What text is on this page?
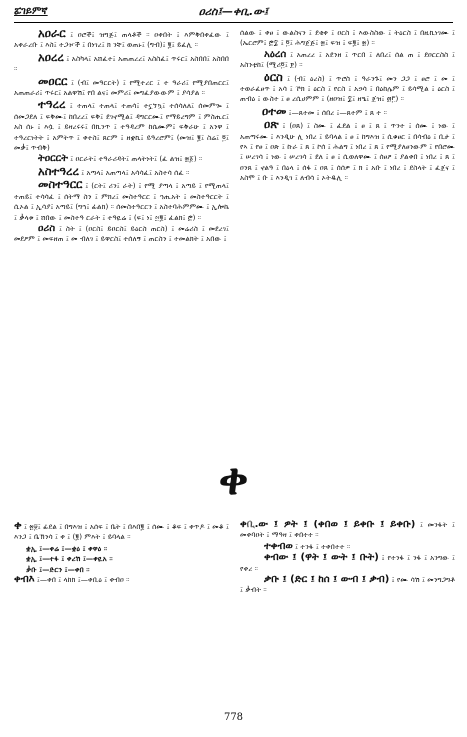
ፚገይምኛ	ዐሪስ፤—ቀቢ.ው፤
አዐራር ፤ ዐሮች፤ ዝግጅ፤ ጠላቶች ። ዐቀበት ፤ እምቅበቀፈው ፤ አቀራረቡ ፤ እስ፤ ተጋዦች ፤ በነገረ፤ ክ ንቸ፤ ወጠኑ፤ (ግብ)፤ ፪፤ ይፈሊ ።
አዐረረ ፤ አስካላ፤ አሸፈተ፤ አጠጠረረ፤ አስስፈ፤ ጥሩር፤ አስበበ፤ አስበበ ።
መዐርር ፤ (ብ፤ መዓርርት) ፤ የሚተረር ፤ ተ ዓራሪ፤ የሚያበጠርር፤ አጠጠራሪ፤ ጥሩር፤ አልዋሽ፤ የበ ልና፤ መምሪ፤ መግፈያውውም ፤ ያሳያል ።
ተዓረረ ፤ ተጠላ፤ ተጠላ፤ ተጠሳ፤ ተኗኘኳ፤ ተሰሳለለ፤ ሰመምጐ ፤ ሰመጋደለ ፤ ፍቅሙ፤ ከበረረ፤ ፍቅ፤ ደገኖሚል፤ ዳግርርሙ፤ የማይረግም ፤ ምስጢር፤ አስ ሰኑ ፤ እሷ ፤ ይዛረሩሩ፤ በኪንጥ ፤ ተዓዳረም ከሴሙም፤ ፍቅራሁ ፤ አንዋ ፤ ተዓረርነትት ፤ አምትጥ ፤ ቀተስ፤ ጸርም ፤ ዘቋኪ፤ ይዓረሮም፤ (መዝ፤ ፪፤ ስሬ፤ ፬፤ መቃ፤ ጥብቅ)
ትዐርርት ፤ ዐርራት፤ ተዓራሪዳት፤ ጠላትነት፤ (ፈ ልዝ፤ ፳፩) ።
አስተዓረረ ፤ አጣላ፤ አጠጣላ፤ አሳሳፈ፤ አስተሳ ሰፈ ።
መስተዓርር ፤ (ርት፤ ሪን፤ ራት) ፤ የሚ ያጣላ ፤ አጣይ ፤ የሚጠላ፤ ተጠይ፤ ተሳሳፈ ፤ ሰትማ ስን ፤ ምክረ፤ መስተዓርር ፤ ኀጢአት ፤ መስተዓርርት ፤ ሲኦል ፤ ኢሳያ፤ አጣይ፤ (ግኀ፤ ፊልክ) ። ሰመስተዓርርን ፤ አስተባሕምምሙ ፤ ኢሎኬ ፤ ቃላቱ ፤ ሸበው ፤ መስተዓ ርራት ፤ ተዓዪሬ ፤ (ፍ፤ ነ፤ ፵፪፤ ፈልክ፤ ፸) ።
ዐሪስ ፤ ስት ፤ (ዐርስ፤ ይዐርስ፤ ይዕርስ ጠርስ) ፤ መሬሪስ ፤ መደረገ፤ መደዖም ፤ መፍዘጠ ፤ መ ብለገ ፤ ይዋርስ፤ ተሰለኝ ፤ ጠርስን ፤ ተመልክት ፤ አበው ፤
ሰልው ፤ ቀፀ ፤ ውልስናን ፤ ደቂቀ ፤ ዐርስ ፤ እውስስው ፤ ትዕርስ ፤ በዚኪነገሙ ፤ (ኤርሮም፤ ፸፰ ፤ ፬፤ ሕግጀጅ፤ ፳፤ ፍዝ ፤ ፍ፪፤ ፳) ።
አዕረሰ ፤ አጠረረ ፤ አደንዘ ፤ ጥርበ ፤ ለበረ፤ ሰል ጠ ፤ ደዐርርስስ ፤ አስንቲከ፤ (ሚሪ፬፤ ፻) ።
ዕርስ ፤ (ብ፤ ዕረስ) ፤ ጥሮስ ፤ ዓራንጉ፤ መን ጋጋ ፤ ፀሮ ፤ መ ፤ ተወራፈፀጥ ፤ አሳ ፤ ኾክ ፤ ዕርስ ፤ የርስ ፤ አኃሳ ፤ በዕከሌም ፤ ይሳሚል ፤ ዕርስ ፤ ጠብዕ ፤ ውስተ ፤ ፀ ረሲሀምም ፤ (ዘዐዝ፤ ፰፤ ዘዔ፤ ጀዝ፤ ፴፫) ።
ዐተመ ፤—ጸተመ ፤ ሰበረ ፤—ጸተም ፤ ጸ ተ ።
ዐጽ ፤ (ዐጸ) ፤ ስሙ ፤ ፈደል ፤ ፀ ፤ ጸ ፤ ጥንተ ፤ ሰሙ ፤ ነው ፤ አጠጣሩሙ ፤ እንዲሁ ሊ ነበረ ፤ ይባላል ፤ ፀ ፤ ከግእዝ ፤ ሲቁፀር ፤ በሳብዕ ፤ ቢታ ፤ የኣ ፤ የፀ ፤ ዐጽ ፤ ኩራ ፤ ጸ ፤ ኮሰ ፤ ሕልግ ፤ ነበረ ፤ ጸ ፤ የሚያለፀንውም ፤ የበሮሙ ፤ ሠረገሳ ፤ ነው ፤ ሠረገሳ ፤ ደለ ፤ ፀ ፤ ሲወለዋሙ ፤ ሰፀዖ ፤ ያልቀበ ፤ ነበረ ፤ ጸ ፤ ዐንጸ ፤ ኖልዓ ፤ በዕላ ፤ ሰፋ ፤ ዐጸ ፤ ሰሰዎ ፤ ክ ፤ አቡ ፤ ነበረ ፤ ደስላት ፤ ፈጀና ፤ አስሞ ፤ ቡ ፤ እንዲገ ፤ ለብሳ ፤ ኦትዱሊ ።
ቀ
ቀ ፤ ፳፱፤ ፊደል ፤ በግእዝ ፤ አሰፍ ፤ ቤት ፤ በእበ፪ ፤ ሰሙ ፤ ቆፍ ፤ ቀጥዶ ፤ መቆ ፤ እንጋ ፤ ቤኽንሳ ፤ ቀ ፤ (፪) ምእት ፤ ይባላል ።
ቋኢ ፤—ቀሬ ፤—ቋዕ ፤ ቀዋዕ ።
ቋኢ ፤—ተፋ ፤ ቀረሽ ፤—ቀዪአ ።
ቃቡ ፤—ድርን ፤—ቀበ ።
ቀብእ ፤—ቀበ ፤ ላከክ ፤—ቀቢዕ ፤ ቀብዐ ።
ቀቢ.ው ፤ ዎት ፤ (ቀበወ ፤ ይቀቡ ፤ ይቀቡ) ፤ መንፋት ፤ መቀባዐት ፤ ማዓዛ ፤ ቀበተተ ።
ተቀብወ ፤ ተንፋ ፤ ተቀበተተ ።
ቀብው ፤ (ዋት ፤ ውት ፤ ቡት) ፤ የተንፋ ፤ ንፋ ፤ አንግው ፤ የቀረ ።
ቃቡ ፤ (ድር ፤ ከሰ ፤ ውብ ፤ ቃብ) ፤ የሙ ሳሽ ፤ መንግጋግቶ ፤ ቃብት ።
778
